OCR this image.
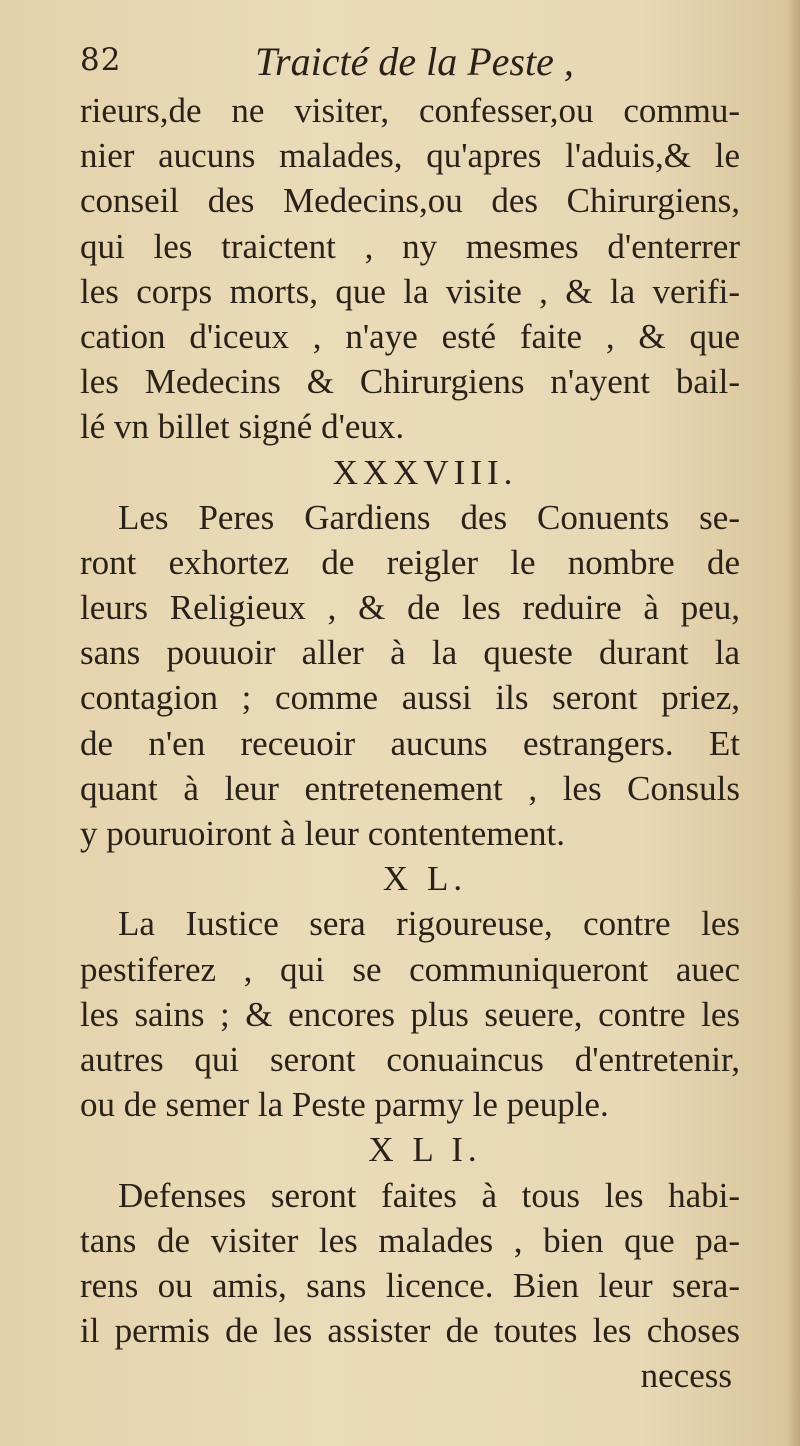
82	Traicté de la Peste ,
rieurs,de ne visiter, confesser,ou commu-
nier aucuns malades, qu'apres l'aduis,& le
conseil des Medecins,ou des Chirurgiens,
qui les traictent , ny mesmes d'enterrer
les corps morts, que la visite , & la verifi-
cation d'iceux , n'aye esté faite , & que
les Medecins & Chirurgiens n'ayent bail-
lé vn billet signé d'eux.
XXXVIII.
Les Peres Gardiens des Conuents se-
ront exhortez de reigler le nombre de
leurs Religieux , & de les reduire à peu,
sans pouuoir aller à la queste durant la
contagion ; comme aussi ils seront priez,
de n'en receuoir aucuns estrangers. Et
quant à leur entretenement , les Consuls
y pouruoiront à leur contentement.
X L.
La Iustice sera rigoureuse, contre les
pestiferez , qui se communiqueront auec
les sains ; & encores plus seuere, contre les
autres qui seront conuaincus d'entretenir,
ou de semer la Peste parmy le peuple.
X L I.
Defenses seront faites à tous les habi-
tans de visiter les malades , bien que pa-
rens ou amis, sans licence. Bien leur sera-
il permis de les assister de toutes les choses
necess
